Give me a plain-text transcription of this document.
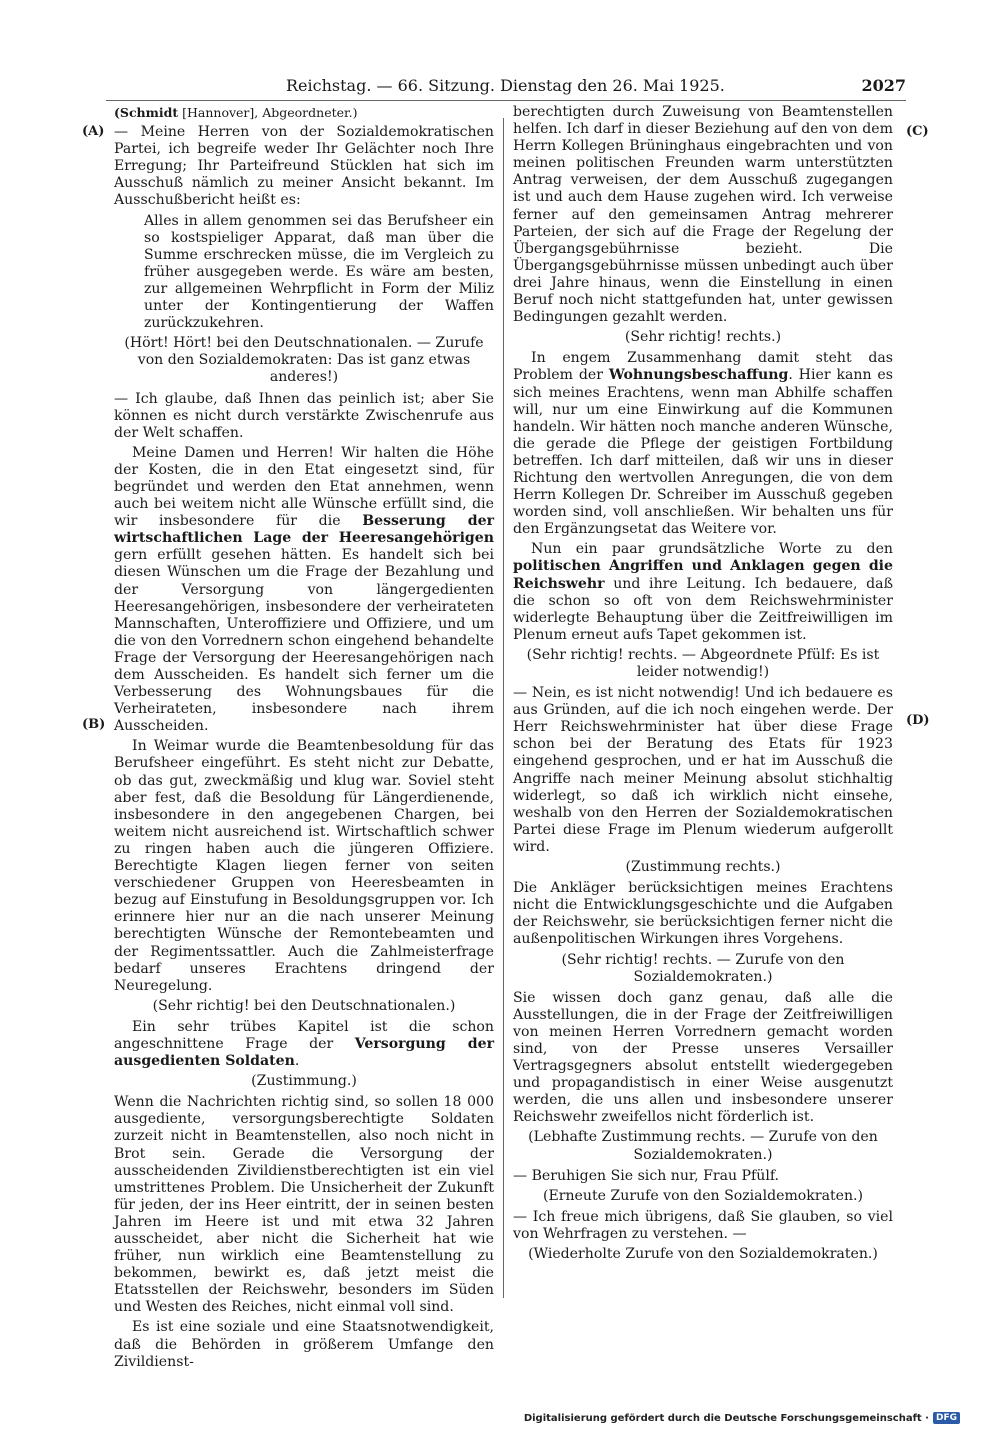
Reichstag. — 66. Sitzung. Dienstag den 26. Mai 1925.	2027
(A)
(B)
(C)
(D)

(Schmidt [Hannover], Abgeordneter.)

— Meine Herren von der Sozialdemokratischen Partei, ich begreife weder Ihr Gelächter noch Ihre Erregung; Ihr Parteifreund Stücklen hat sich im Ausschuß nämlich zu meiner Ansicht bekannt. Im Ausschußbericht heißt es:

Alles in allem genommen sei das Berufsheer ein so kostspieliger Apparat, daß man über die Summe erschrecken müsse, die im Vergleich zu früher ausgegeben werde. Es wäre am besten, zur allgemeinen Wehrpflicht in Form der Miliz unter der Kontingentierung der Waffen zurückzukehren.

(Hört! Hört! bei den Deutschnationalen. — Zurufe von den Sozialdemokraten: Das ist ganz etwas anderes!)

— Ich glaube, daß Ihnen das peinlich ist; aber Sie können es nicht durch verstärkte Zwischenrufe aus der Welt schaffen.

Meine Damen und Herren! Wir halten die Höhe der Kosten, die in den Etat eingesetzt sind, für begründet und werden den Etat annehmen, wenn auch bei weitem nicht alle Wünsche erfüllt sind, die wir insbesondere für die Besserung der wirtschaftlichen Lage der Heeresangehörigen gern erfüllt gesehen hätten. Es handelt sich bei diesen Wünschen um die Frage der Bezahlung und der Versorgung von längergedienten Heeresangehörigen, insbesondere der verheirateten Mannschaften, Unteroffiziere und Offiziere, und um die von den Vorrednern schon eingehend behandelte Frage der Versorgung der Heeresangehörigen nach dem Ausscheiden. Es handelt sich ferner um die Verbesserung des Wohnungsbaues für die Verheirateten, insbesondere nach ihrem Ausscheiden.

In Weimar wurde die Beamtenbesoldung für das Berufsheer eingeführt. Es steht nicht zur Debatte, ob das gut, zweckmäßig und klug war. Soviel steht aber fest, daß die Besoldung für Längerdienende, insbesondere in den angegebenen Chargen, bei weitem nicht ausreichend ist. Wirtschaftlich schwer zu ringen haben auch die jüngeren Offiziere. Berechtigte Klagen liegen ferner von seiten verschiedener Gruppen von Heeresbeamten in bezug auf Einstufung in Besoldungsgruppen vor. Ich erinnere hier nur an die nach unserer Meinung berechtigten Wünsche der Remontebeamten und der Regimentssattler. Auch die Zahlmeisterfrage bedarf unseres Erachtens dringend der Neuregelung.

(Sehr richtig! bei den Deutschnationalen.)

Ein sehr trübes Kapitel ist die schon angeschnittene Frage der Versorgung der ausgedienten Soldaten.

(Zustimmung.)

Wenn die Nachrichten richtig sind, so sollen 18 000 ausgediente, versorgungsberechtigte Soldaten zurzeit nicht in Beamtenstellen, also noch nicht in Brot sein. Gerade die Versorgung der ausscheidenden Zivildienstberechtigten ist ein viel umstrittenes Problem. Die Unsicherheit der Zukunft für jeden, der ins Heer eintritt, der in seinen besten Jahren im Heere ist und mit etwa 32 Jahren ausscheidet, aber nicht die Sicherheit hat wie früher, nun wirklich eine Beamtenstellung zu bekommen, bewirkt es, daß jetzt meist die Etatsstellen der Reichswehr, besonders im Süden und Westen des Reiches, nicht einmal voll sind.

Es ist eine soziale und eine Staatsnotwendigkeit, daß die Behörden in größerem Umfange den Zivildienst-

berechtigten durch Zuweisung von Beamtenstellen helfen. Ich darf in dieser Beziehung auf den von dem Herrn Kollegen Brüninghaus eingebrachten und von meinen politischen Freunden warm unterstützten Antrag verweisen, der dem Ausschuß zugegangen ist und auch dem Hause zugehen wird. Ich verweise ferner auf den gemeinsamen Antrag mehrerer Parteien, der sich auf die Frage der Regelung der Übergangsgebührnisse bezieht. Die Übergangsgebührnisse müssen unbedingt auch über drei Jahre hinaus, wenn die Einstellung in einen Beruf noch nicht stattgefunden hat, unter gewissen Bedingungen gezahlt werden.

(Sehr richtig! rechts.)

In engem Zusammenhang damit steht das Problem der Wohnungsbeschaffung. Hier kann es sich meines Erachtens, wenn man Abhilfe schaffen will, nur um eine Einwirkung auf die Kommunen handeln. Wir hätten noch manche anderen Wünsche, die gerade die Pflege der geistigen Fortbildung betreffen. Ich darf mitteilen, daß wir uns in dieser Richtung den wertvollen Anregungen, die von dem Herrn Kollegen Dr. Schreiber im Ausschuß gegeben worden sind, voll anschließen. Wir behalten uns für den Ergänzungsetat das Weitere vor.

Nun ein paar grundsätzliche Worte zu den politischen Angriffen und Anklagen gegen die Reichswehr und ihre Leitung. Ich bedauere, daß die schon so oft von dem Reichswehrminister widerlegte Behauptung über die Zeitfreiwilligen im Plenum erneut aufs Tapet gekommen ist.

(Sehr richtig! rechts. — Abgeordnete Pfülf: Es ist leider notwendig!)

— Nein, es ist nicht notwendig! Und ich bedauere es aus Gründen, auf die ich noch eingehen werde. Der Herr Reichswehrminister hat über diese Frage schon bei der Beratung des Etats für 1923 eingehend gesprochen, und er hat im Ausschuß die Angriffe nach meiner Meinung absolut stichhaltig widerlegt, so daß ich wirklich nicht einsehe, weshalb von den Herren der Sozialdemokratischen Partei diese Frage im Plenum wiederum aufgerollt wird.

(Zustimmung rechts.)

Die Ankläger berücksichtigen meines Erachtens nicht die Entwicklungsgeschichte und die Aufgaben der Reichswehr, sie berücksichtigen ferner nicht die außenpolitischen Wirkungen ihres Vorgehens.

(Sehr richtig! rechts. — Zurufe von den Sozialdemokraten.)

Sie wissen doch ganz genau, daß alle die Ausstellungen, die in der Frage der Zeitfreiwilligen von meinen Herren Vorrednern gemacht worden sind, von der Presse unseres Versailler Vertragsgegners absolut entstellt wiedergegeben und propagandistisch in einer Weise ausgenutzt werden, die uns allen und insbesondere unserer Reichswehr zweifellos nicht förderlich ist.

(Lebhafte Zustimmung rechts. — Zurufe von den Sozialdemokraten.)

— Beruhigen Sie sich nur, Frau Pfülf.

(Erneute Zurufe von den Sozialdemokraten.)

— Ich freue mich übrigens, daß Sie glauben, so viel von Wehrfragen zu verstehen. —

(Wiederholte Zurufe von den Sozialdemokraten.)

Digitalisierung gefördert durch die Deutsche Forschungsgemeinschaft · DFG
